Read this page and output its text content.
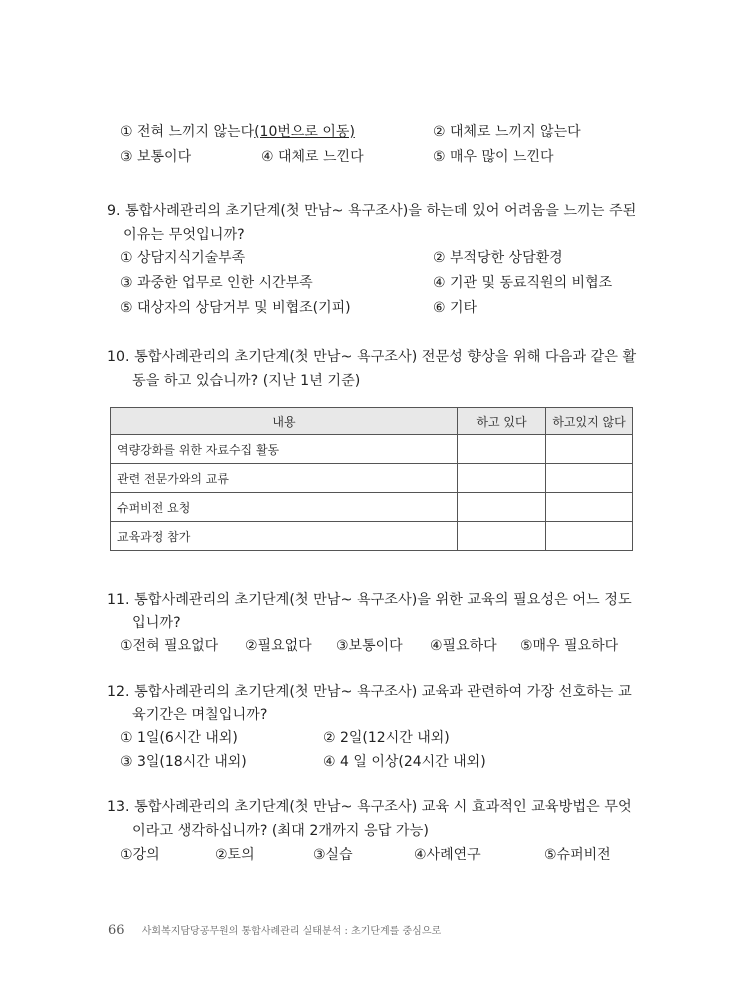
① 전혀 느끼지 않는다(10번으로 이동)	② 대체로 느끼지 않는다
③ 보통이다	④ 대체로 느낀다	⑤ 매우 많이 느낀다
9. 통합사례관리의 초기단계(첫 만남~ 욕구조사)을 하는데 있어 어려움을 느끼는 주된
이유는 무엇입니까?
① 상담지식기술부족	② 부적당한 상담환경
③ 과중한 업무로 인한 시간부족	④ 기관 및 동료직원의 비협조
⑤ 대상자의 상담거부 및 비협조(기피)	⑥ 기타
10. 통합사례관리의 초기단계(첫 만남~ 욕구조사) 전문성 향상을 위해 다음과 같은 활
동을 하고 있습니까? (지난 1년 기준)
내용	하고 있다	하고있지 않다
역량강화를 위한 자료수집 활동		
관련 전문가와의 교류		
슈퍼비전 요청		
교육과정 참가		
11. 통합사례관리의 초기단계(첫 만남~ 욕구조사)을 위한 교육의 필요성은 어느 정도
입니까?
①전혀 필요없다 ②필요없다 ③보통이다 ④필요하다 ⑤매우 필요하다
12. 통합사례관리의 초기단계(첫 만남~ 욕구조사) 교육과 관련하여 가장 선호하는 교
육기간은 며칠입니까?
① 1일(6시간 내외)	② 2일(12시간 내외)
③ 3일(18시간 내외)	④ 4 일 이상(24시간 내외)
13. 통합사례관리의 초기단계(첫 만남~ 욕구조사) 교육 시 효과적인 교육방법은 무엇
이라고 생각하십니까? (최대 2개까지 응답 가능)
①강의	②토의	③실습	④사례연구	⑤슈퍼비전
66 사회복지담당공무원의 통합사례관리 실태분석 : 초기단계를 중심으로
